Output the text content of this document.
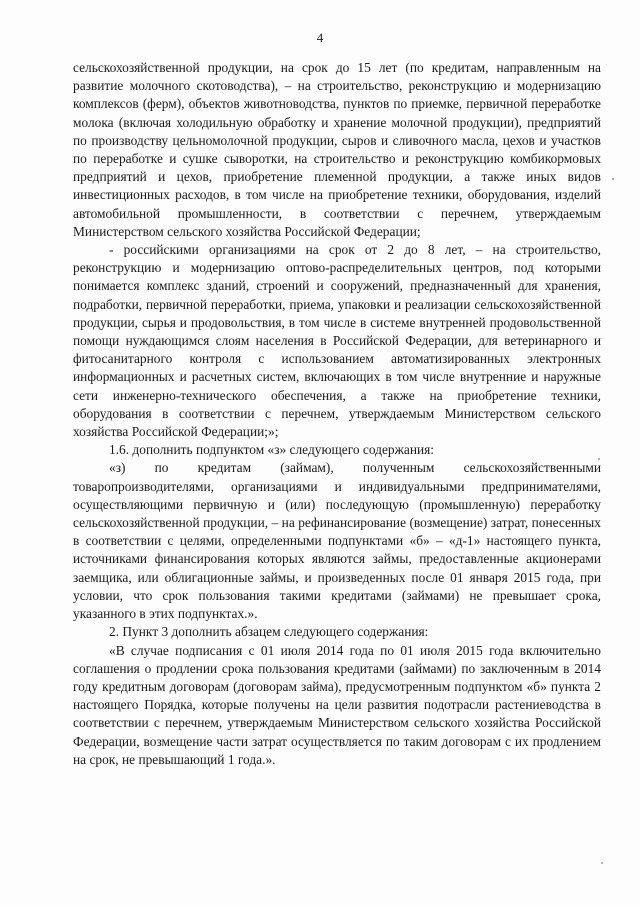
4

сельскохозяйственной продукции, на срок до 15 лет (по кредитам, направленным на развитие молочного скотоводства), – на строительство, реконструкцию и модернизацию комплексов (ферм), объектов животноводства, пунктов по приемке, первичной переработке молока (включая холодильную обработку и хранение молочной продукции), предприятий по производству цельномолочной продукции, сыров и сливочного масла, цехов и участков по переработке и сушке сыворотки, на строительство и реконструкцию комбикормовых предприятий и цехов, приобретение племенной продукции, а также иных видов инвестиционных расходов, в том числе на приобретение техники, оборудования, изделий автомобильной промышленности, в соответствии с перечнем, утверждаемым Министерством сельского хозяйства Российской Федерации;

- российскими организациями на срок от 2 до 8 лет, – на строительство, реконструкцию и модернизацию оптово-распределительных центров, под которыми понимается комплекс зданий, строений и сооружений, предназначенный для хранения, подработки, первичной переработки, приема, упаковки и реализации сельскохозяйственной продукции, сырья и продовольствия, в том числе в системе внутренней продовольственной помощи нуждающимся слоям населения в Российской Федерации, для ветеринарного и фитосанитарного контроля с использованием автоматизированных электронных информационных и расчетных систем, включающих в том числе внутренние и наружные сети инженерно-технического обеспечения, а также на приобретение техники, оборудования в соответствии с перечнем, утверждаемым Министерством сельского хозяйства Российской Федерации;»;

1.6. дополнить подпунктом «з» следующего содержания:

«з) по кредитам (займам), полученным сельскохозяйственными товаропроизводителями, организациями и индивидуальными предпринимателями, осуществляющими первичную и (или) последующую (промышленную) переработку сельскохозяйственной продукции, – на рефинансирование (возмещение) затрат, понесенных в соответствии с целями, определенными подпунктами «б» – «д-1» настоящего пункта, источниками финансирования которых являются займы, предоставленные акционерами заемщика, или облигационные займы, и произведенных после 01 января 2015 года, при условии, что срок пользования такими кредитами (займами) не превышает срока, указанного в этих подпунктах.».

2. Пункт 3 дополнить абзацем следующего содержания:

«В случае подписания с 01 июля 2014 года по 01 июля 2015 года включительно соглашения о продлении срока пользования кредитами (займами) по заключенным в 2014 году кредитным договорам (договорам займа), предусмотренным подпунктом «б» пункта 2 настоящего Порядка, которые получены на цели развития подотрасли растениеводства в соответствии с перечнем, утверждаемым Министерством сельского хозяйства Российской Федерации, возмещение части затрат осуществляется по таким договорам с их продлением на срок, не превышающий 1 года.».
